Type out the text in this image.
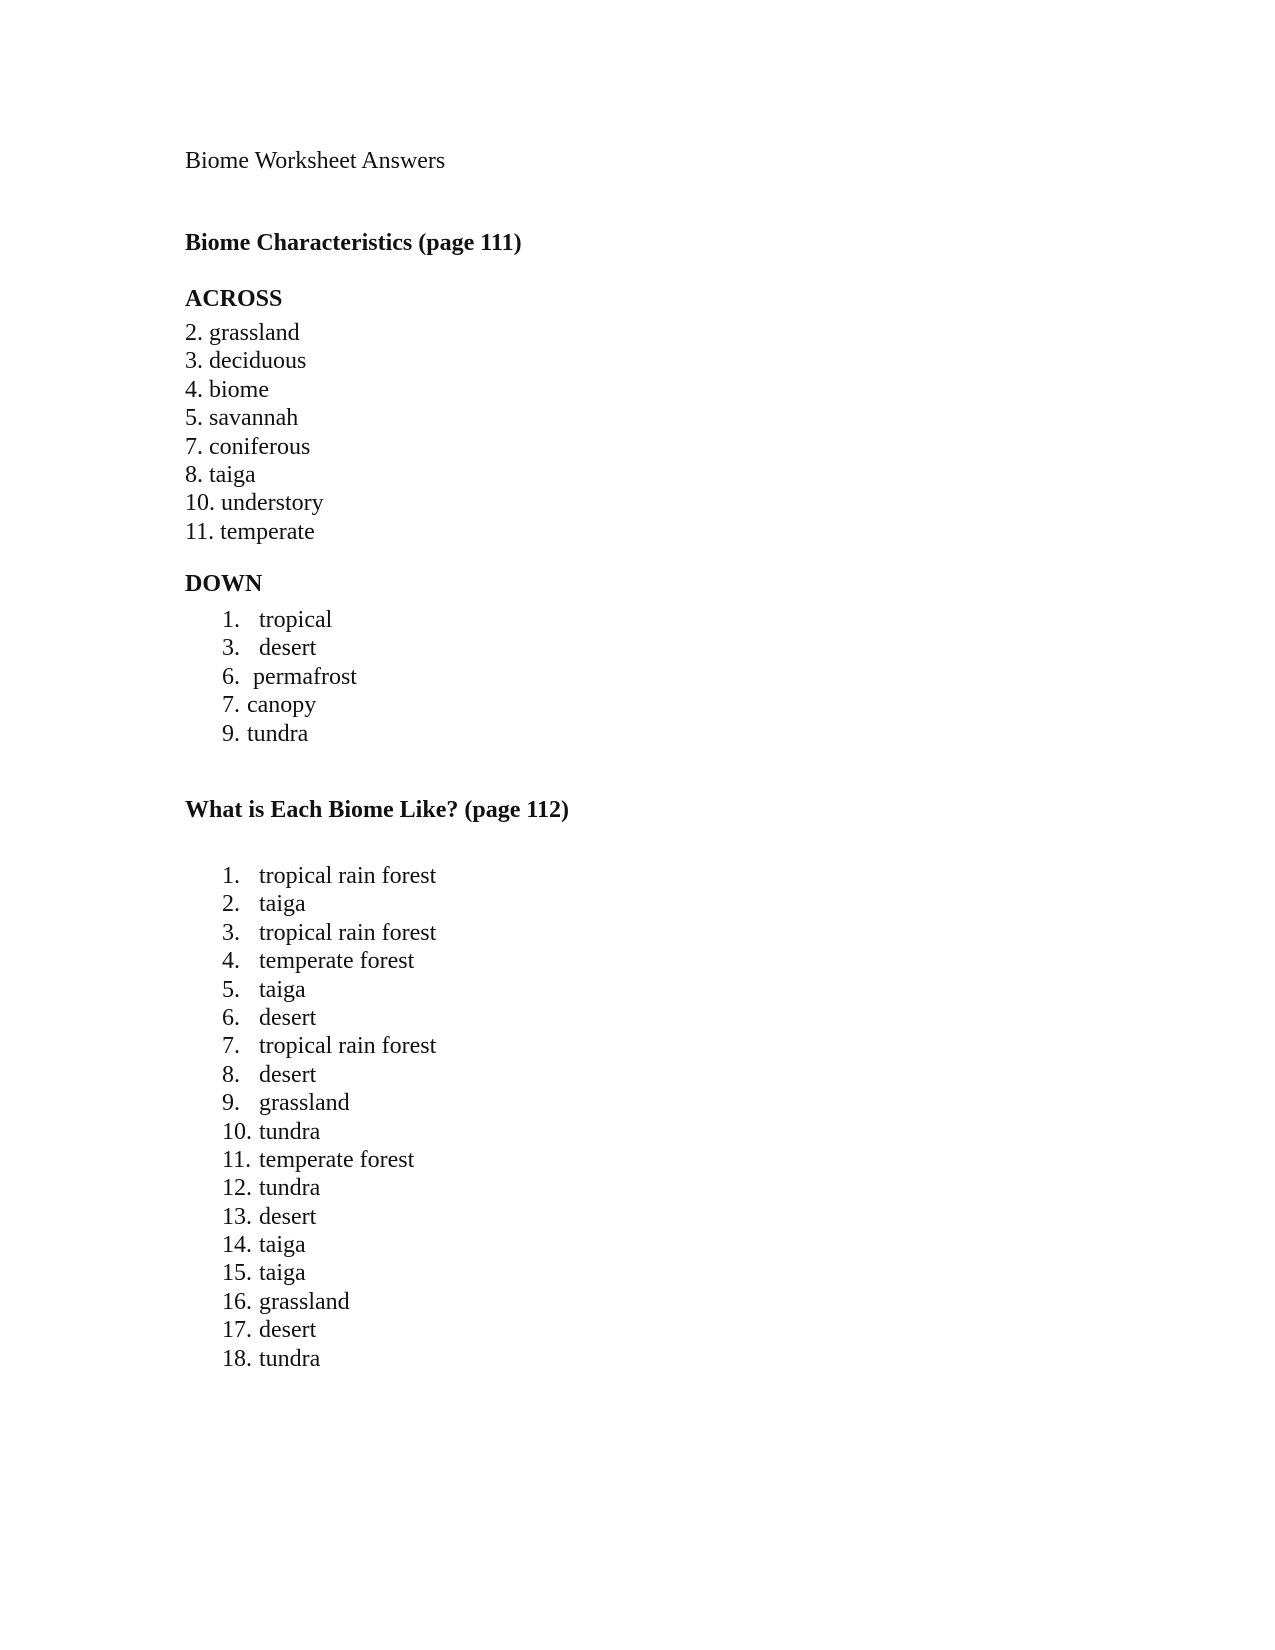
Biome Worksheet Answers
Biome Characteristics (page 111)
ACROSS
2. grassland
3. deciduous
4. biome
5. savannah
7. coniferous
8. taiga
10. understory
11. temperate
DOWN
1. tropical
3. desert
6. permafrost
7. canopy
9. tundra
What is Each Biome Like? (page 112)
1. tropical rain forest
2. taiga
3. tropical rain forest
4. temperate forest
5. taiga
6. desert
7. tropical rain forest
8. desert
9. grassland
10. tundra
11. temperate forest
12. tundra
13. desert
14. taiga
15. taiga
16. grassland
17. desert
18. tundra
